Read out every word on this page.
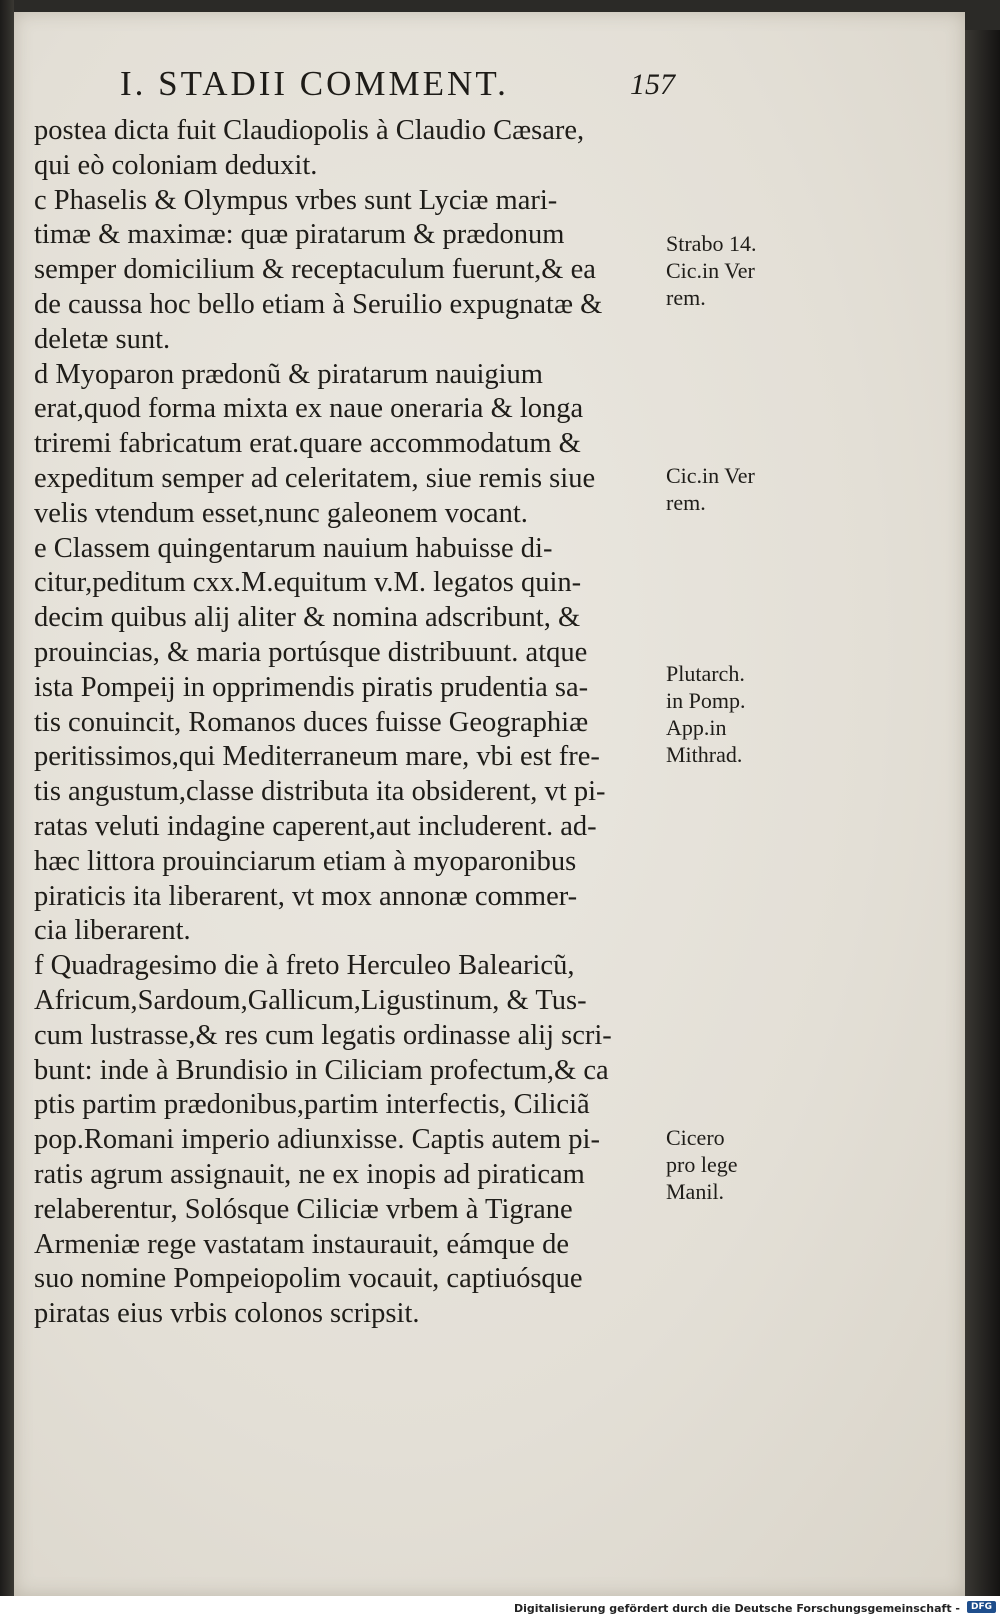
I. STADII COMMENT.	157
postea dicta fuit Claudiopolis à Claudio Cæsare,
qui eò coloniam deduxit.
c Phaselis & Olympus vrbes sunt Lyciæ mari-
timæ & maximæ: quæ piratarum & prædonum
semper domicilium & receptaculum fuerunt,& ea
de caussa hoc bello etiam à Seruilio expugnatæ &
deletæ sunt.
d Myoparon prædonũ & piratarum nauigium
erat,quod forma mixta ex naue oneraria & longa
triremi fabricatum erat.quare accommodatum &
expeditum semper ad celeritatem, siue remis siue
velis vtendum esset,nunc galeonem vocant.
e Classem quingentarum nauium habuisse di-
citur,peditum cxx.M.equitum v.M. legatos quin-
decim quibus alij aliter & nomina adscribunt, &
prouincias, & maria portúsque distribuunt. atque
ista Pompeij in opprimendis piratis prudentia sa-
tis conuincit, Romanos duces fuisse Geographiæ
peritissimos,qui Mediterraneum mare, vbi est fre-
tis angustum,classe distributa ita obsiderent, vt pi-
ratas veluti indagine caperent,aut includerent. ad-
hæc littora prouinciarum etiam à myoparonibus
piraticis ita liberarent, vt mox annonæ commer-
cia liberarent.
f Quadragesimo die à freto Herculeo Balearicũ,
Africum,Sardoum,Gallicum,Ligustinum, & Tus-
cum lustrasse,& res cum legatis ordinasse alij scri-
bunt: inde à Brundisio in Ciliciam profectum,& ca
ptis partim prædonibus,partim interfectis, Ciliciã
pop.Romani imperio adiunxisse. Captis autem pi-
ratis agrum assignauit, ne ex inopis ad piraticam
relaberentur, Solósque Ciliciæ vrbem à Tigrane
Armeniæ rege vastatam instaurauit, eámque de
suo nomine Pompeiopolim vocauit, captiuósque
piratas eius vrbis colonos scripsit.
Strabo 14.
Cic.in Ver
rem.
Cic.in Ver
rem.
Plutarch.
in Pomp.
App.in
Mithrad.
Cicero
pro lege
Manil.
Digitalisierung gefördert durch die Deutsche Forschungsgemeinschaft -	DFG
